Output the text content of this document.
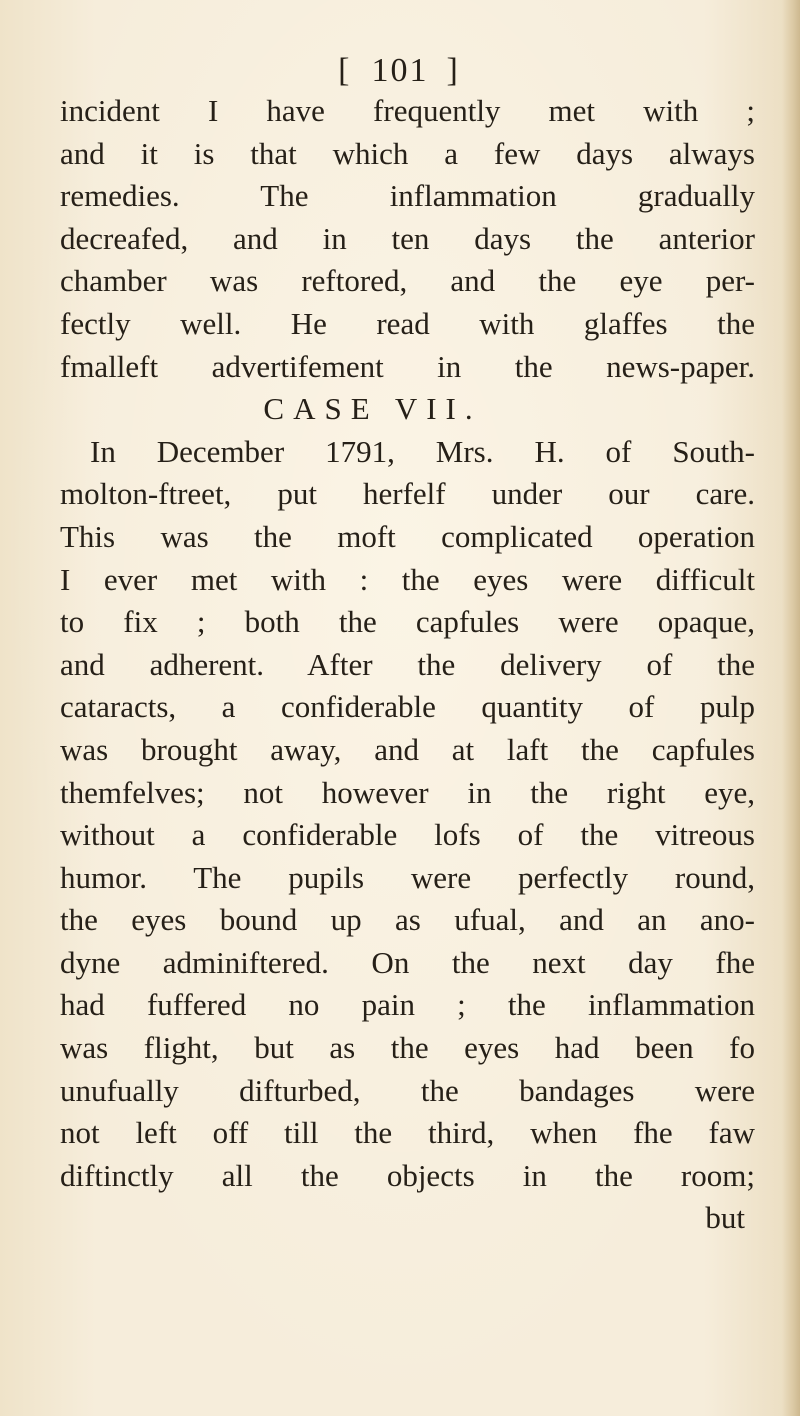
[ 101 ]
incident I have frequently met with ;
and it is that which a few days always
remedies. The inflammation gradually
decreafed, and in ten days the anterior
chamber was reftored, and the eye per-
fectly well. He read with glaffes the
fmalleft advertifement in the news-paper.
CASE VII.
In December 1791, Mrs. H. of South-
molton-ftreet, put herfelf under our care.
This was the moft complicated operation
I ever met with : the eyes were difficult
to fix ; both the capfules were opaque,
and adherent. After the delivery of the
cataracts, a confiderable quantity of pulp
was brought away, and at laft the capfules
themfelves; not however in the right eye,
without a confiderable lofs of the vitreous
humor. The pupils were perfectly round,
the eyes bound up as ufual, and an ano-
dyne adminiftered. On the next day fhe
had fuffered no pain ; the inflammation
was flight, but as the eyes had been fo
unufually difturbed, the bandages were
not left off till the third, when fhe faw
diftinctly all the objects in the room;
but
